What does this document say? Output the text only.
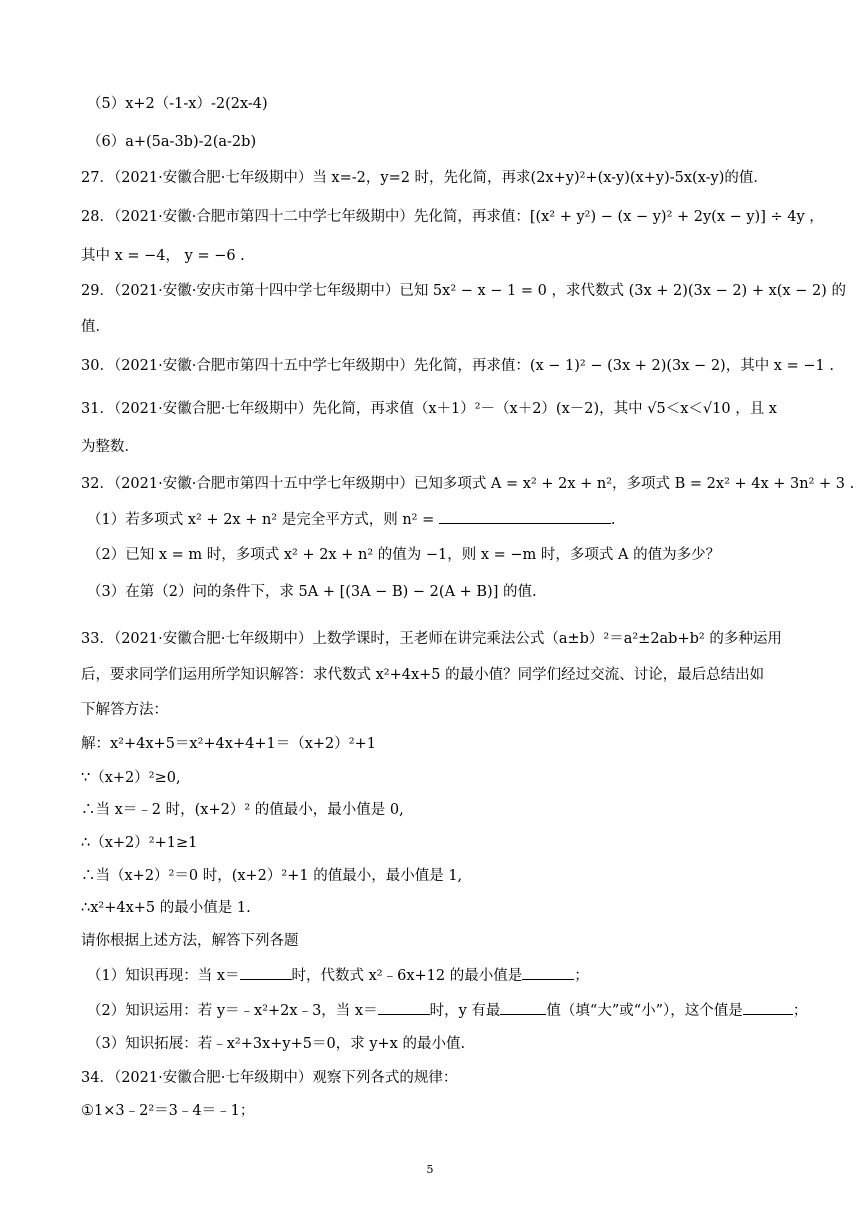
（5）x+2（-1-x）-2(2x-4)
（6）a+(5a-3b)-2(a-2b)
27．（2021·安徽合肥·七年级期中）当 x=-2，y=2 时，先化简，再求(2x+y)²+(x-y)(x+y)-5x(x-y)的值．
28．（2021·安徽·合肥市第四十二中学七年级期中）先化简，再求值：[(x² + y²) − (x − y)² + 2y(x − y)] ÷ 4y ，
其中 x = −4， y = −6 .
29．（2021·安徽·安庆市第十四中学七年级期中）已知 5x² − x − 1 = 0 ，求代数式 (3x + 2)(3x − 2) + x(x − 2) 的
值．
30．（2021·安徽·合肥市第四十五中学七年级期中）先化简，再求值：(x − 1)² − (3x + 2)(3x − 2)，其中 x = −1 .
31．（2021·安徽合肥·七年级期中）先化简，再求值（x＋1）²－（x＋2）(x－2)，其中 √5＜x＜√10 ，且 x
为整数．
32．（2021·安徽·合肥市第四十五中学七年级期中）已知多项式 A = x² + 2x + n²，多项式 B = 2x² + 4x + 3n² + 3 .
（1）若多项式 x² + 2x + n² 是完全平方式，则 n² =	.
（2）已知 x = m 时，多项式 x² + 2x + n² 的值为 −1，则 x = −m 时，多项式 A 的值为多少？
（3）在第（2）问的条件下，求 5A + [(3A − B) − 2(A + B)] 的值.
33．（2021·安徽合肥·七年级期中）上数学课时，王老师在讲完乘法公式（a±b）²＝a²±2ab+b² 的多种运用
后，要求同学们运用所学知识解答：求代数式 x²+4x+5 的最小值？同学们经过交流、讨论，最后总结出如
下解答方法：
解：x²+4x+5＝x²+4x+4+1＝（x+2）²+1
∵（x+2）²≥0,
∴当 x＝﹣2 时，(x+2）² 的值最小，最小值是 0,
∴（x+2）²+1≥1
∴当（x+2）²＝0 时，(x+2）²+1 的值最小，最小值是 1,
∴x²+4x+5 的最小值是 1.
请你根据上述方法，解答下列各题
（1）知识再现：当 x＝	时，代数式 x²﹣6x+12 的最小值是	；
（2）知识运用：若 y＝﹣x²+2x﹣3，当 x＝	时，y 有最	值（填“大”或“小”），这个值是	；
（3）知识拓展：若﹣x²+3x+y+5＝0，求 y+x 的最小值.
34．（2021·安徽合肥·七年级期中）观察下列各式的规律：
①1×3﹣2²＝3﹣4＝﹣1；
5
